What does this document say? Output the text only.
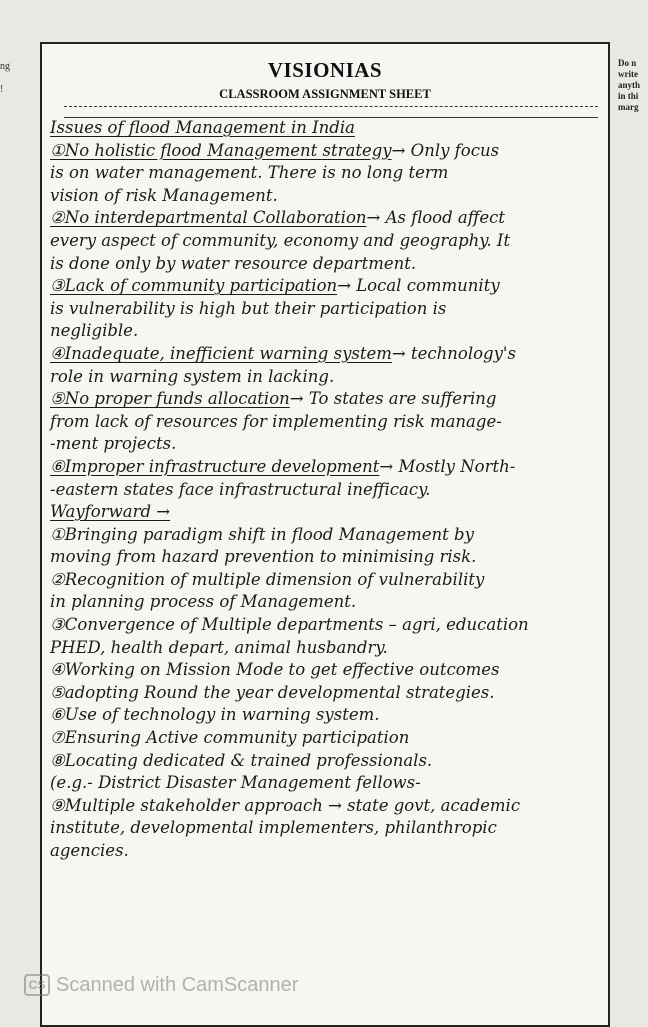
ng
!
Do n
write
anyth
in thi
marg
VISIONIAS
CLASSROOM ASSIGNMENT SHEET

Issues of flood Management in India

①No holistic flood Management strategy→ Only focus

is on water management. There is no long term

vision of risk Management.

②No interdepartmental Collaboration→ As flood affect

every aspect of community, economy and geography. It

is done only by water resource department.

③Lack of community participation→ Local community

is vulnerability is high but their participation is

negligible.

④Inadequate, inefficient warning system→ technology's

role in warning system in lacking.

⑤No proper funds allocation→ To states are suffering

from lack of resources for implementing risk manage-

-ment projects.

⑥Improper infrastructure development→ Mostly North-

-eastern states face infrastructural inefficacy.

Wayforward →

①Bringing paradigm shift in flood Management by

moving from hazard prevention to minimising risk.

②Recognition of multiple dimension of vulnerability

in planning process of Management.

③Convergence of Multiple departments – agri, education

PHED, health depart, animal husbandry.

④Working on Mission Mode to get effective outcomes

⑤adopting Round the year developmental strategies.

⑥Use of technology in warning system.

⑦Ensuring Active community participation

⑧Locating dedicated & trained professionals.

(e.g.- District Disaster Management fellows-

⑨Multiple stakeholder approach → state govt, academic

institute, developmental implementers, philanthropic

agencies.

CS Scanned with CamScanner
